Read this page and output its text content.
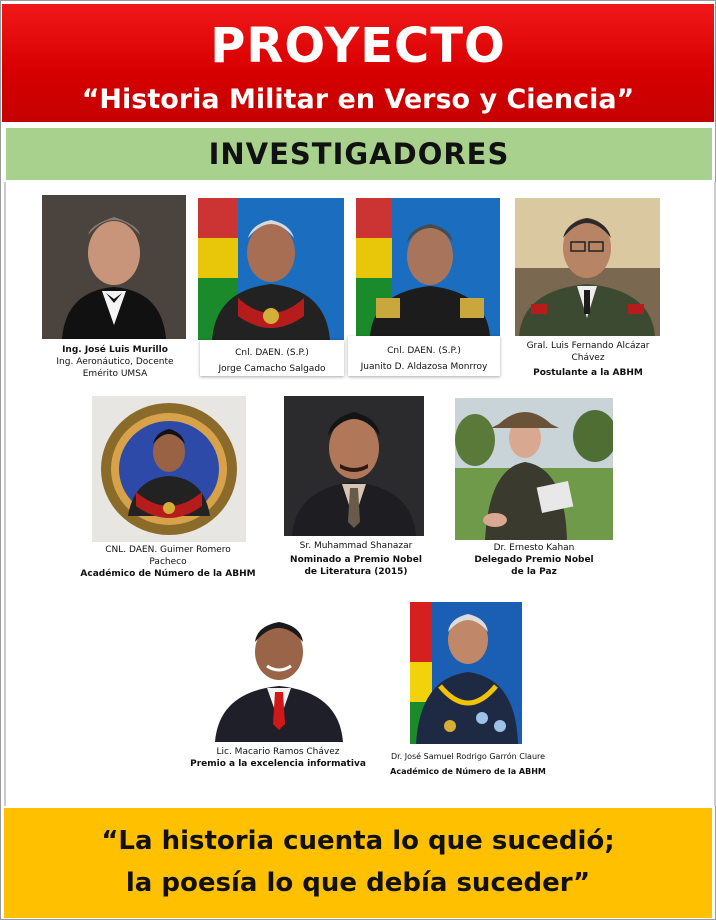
PROYECTO
“Historia Militar en Verso y Ciencia”
INVESTIGADORES
Ing. José Luis Murillo
Ing. Aeronáutico, Docente
Emérito UMSA
Cnl. DAEN. (S.P.)
Jorge Camacho Salgado
Cnl. DAEN. (S.P.)
Juanito D. Aldazosa Monrroy
Gral. Luis Fernando Alcázar
Chávez
Postulante a la ABHM
CNL. DAEN. Guimer Romero
Pacheco
Académico de Número de la ABHM
Sr. Muhammad Shanazar
Nominado a Premio Nobel
de Literatura (2015)
Dr. Ernesto Kahan
Delegado Premio Nobel
de la Paz
Lic. Macario Ramos Chávez
Premio a la excelencia informativa
Dr. José Samuel Rodrigo Garrón Claure
Académico de Número de la ABHM
“La historia cuenta lo que sucedió;
la poesía lo que debía suceder”
